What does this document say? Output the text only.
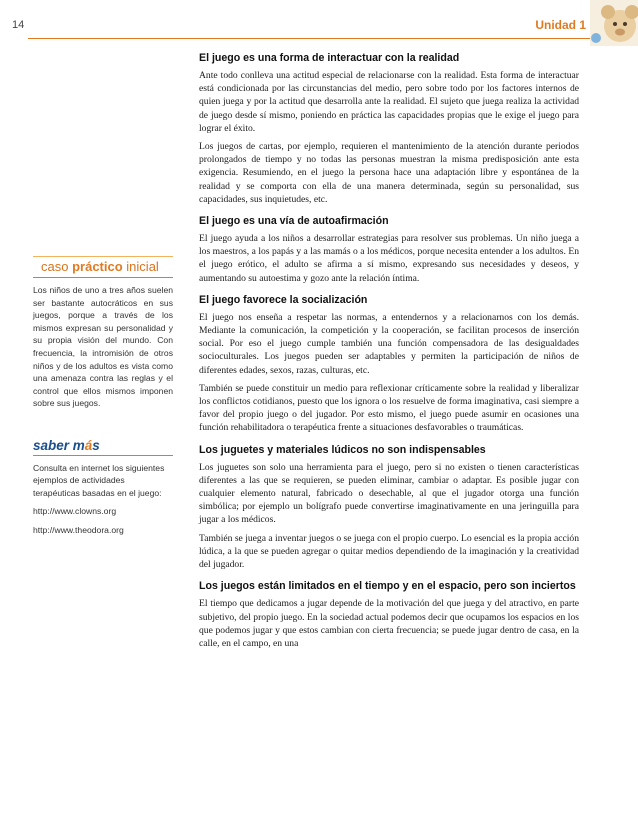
14	Unidad 1
caso práctico inicial

Los niños de uno a tres años suelen ser bastante autocráticos en sus juegos, porque a través de los mismos expresan su personalidad y su propia visión del mundo. Con frecuencia, la intromisión de otros niños y de los adultos es vista como una amenaza contra las reglas y el control que ellos mismos imponen sobre sus juegos.

saber más

Consulta en internet los siguientes ejemplos de actividades terapéuticas basadas en el juego:

http://www.clowns.org
http://www.theodora.org
El juego es una forma de interactuar con la realidad

Ante todo conlleva una actitud especial de relacionarse con la realidad. Esta forma de interactuar está condicionada por las circunstancias del medio, pero sobre todo por los factores internos de quien juega y por la actitud que desarrolla ante la realidad. El sujeto que juega realiza la actividad de juego desde sí mismo, poniendo en práctica las capacidades propias que le exige el juego para lograr el éxito.

Los juegos de cartas, por ejemplo, requieren el mantenimiento de la atención durante periodos prolongados de tiempo y no todas las personas muestran la misma predisposición ante esta exigencia. Resumiendo, en el juego la persona hace una adaptación libre y espontánea de la realidad y se comporta con ella de una manera determinada, según su personalidad, sus capacidades, sus inquietudes, etc.

El juego es una vía de autoafirmación

El juego ayuda a los niños a desarrollar estrategias para resolver sus problemas. Un niño juega a los maestros, a los papás y a las mamás o a los médicos, porque necesita entender a los adultos. En el juego erótico, el adulto se afirma a sí mismo, expresando sus necesidades y deseos, y aumentando su autoestima y gozo ante la relación íntima.

El juego favorece la socialización

El juego nos enseña a respetar las normas, a entendernos y a relacionarnos con los demás. Mediante la comunicación, la competición y la cooperación, se facilitan procesos de inserción social. Por eso el juego cumple también una función compensadora de las desigualdades socioculturales. Los juegos pueden ser adaptables y permiten la participación de niños de diferentes edades, sexos, razas, culturas, etc.

También se puede constituir un medio para reflexionar críticamente sobre la realidad y liberalizar los conflictos cotidianos, puesto que los ignora o los resuelve de forma imaginativa, casi siempre a favor del propio juego o del jugador. Por esto mismo, el juego puede asumir en ocasiones una función rehabilitadora o terapéutica frente a situaciones desfavorables o traumáticas.

Los juguetes y materiales lúdicos no son indispensables

Los juguetes son solo una herramienta para el juego, pero si no existen o tienen características diferentes a las que se requieren, se pueden eliminar, cambiar o adaptar. Es posible jugar con cualquier elemento natural, fabricado o desechable, al que el jugador otorga una función simbólica; por ejemplo un bolígrafo puede convertirse imaginativamente en una jeringuilla para jugar a los médicos.

También se juega a inventar juegos o se juega con el propio cuerpo. Lo esencial es la propia acción lúdica, a la que se pueden agregar o quitar medios dependiendo de la imaginación y la creatividad del jugador.

Los juegos están limitados en el tiempo y en el espacio, pero son inciertos

El tiempo que dedicamos a jugar depende de la motivación del que juega y del atractivo, en parte subjetivo, del propio juego. En la sociedad actual podemos decir que ocupamos los espacios en los que podemos jugar y que estos cambian con cierta frecuencia; se puede jugar dentro de casa, en la calle, en el campo, en una
